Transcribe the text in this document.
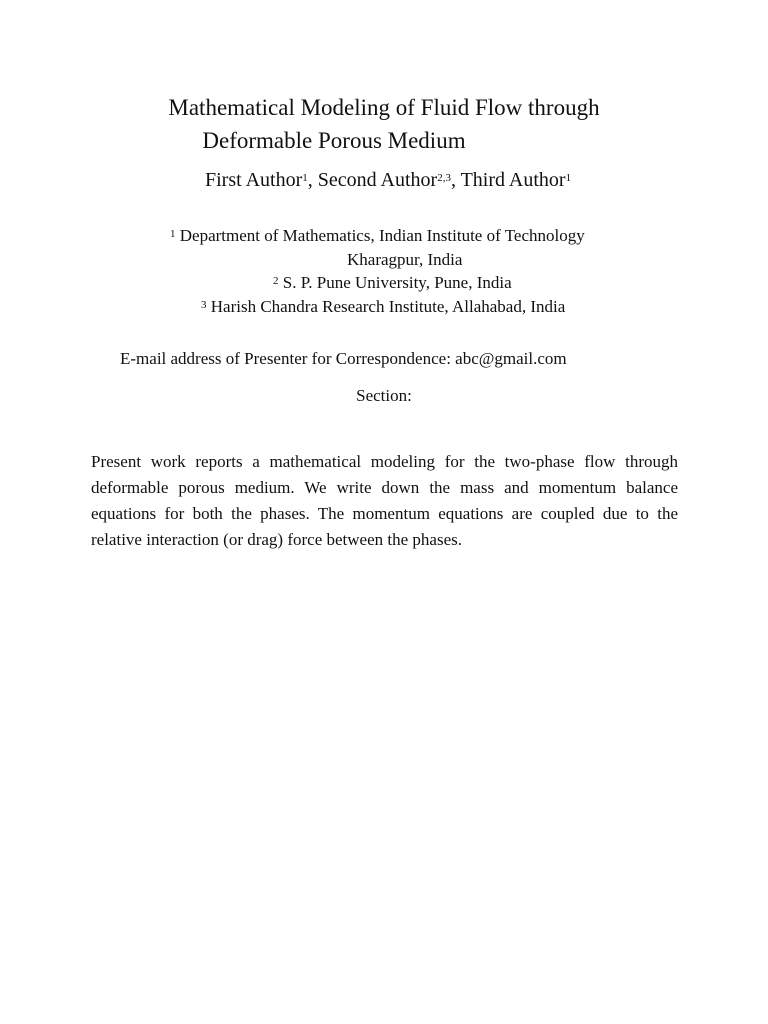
Mathematical Modeling of Fluid Flow through
Deformable Porous Medium
First Author$^1$, Second Author$^{2,3}$, Third Author$^1$
$^1$ Department of Mathematics, Indian Institute of Technology
Kharagpur, India
$^2$ S. P. Pune University, Pune, India
$^3$ Harish Chandra Research Institute, Allahabad, India
E-mail address of Presenter for Correspondence: abc@gmail.com
Section:
Present work reports a mathematical modeling for the two-phase flow through deformable porous medium. We write down the mass and momentum balance equations for both the phases. The momentum equations are coupled due to the relative interaction (or drag) force between the phases.
